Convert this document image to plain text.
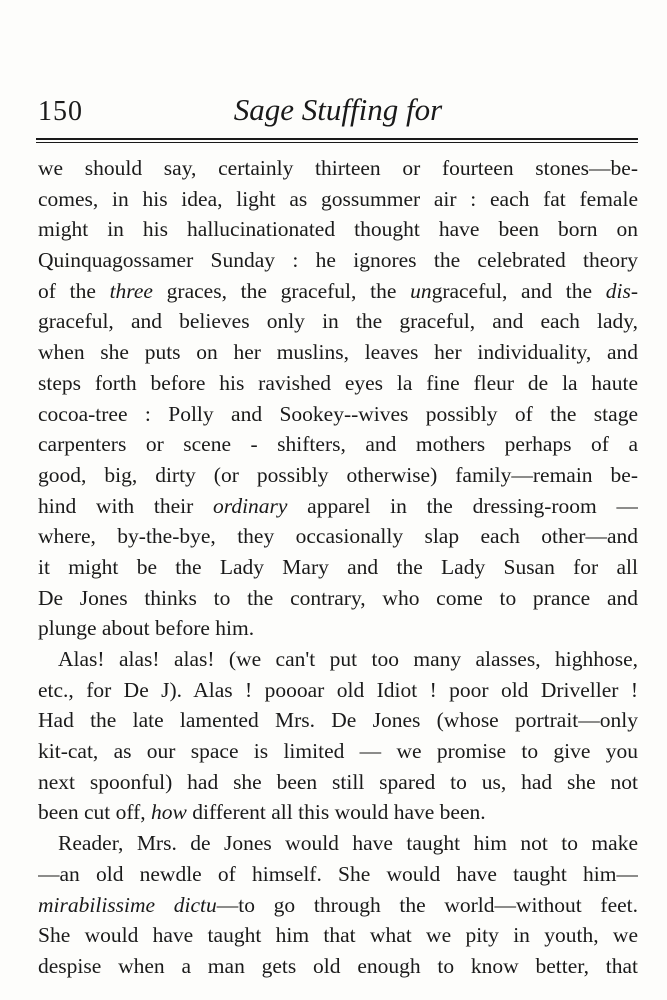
150	Sage Stuffing for
we should say, certainly thirteen or fourteen stones—be-
comes, in his idea, light as gossummer air : each fat female
might in his hallucinationated thought have been born on
Quinquagossamer Sunday : he ignores the celebrated theory
of the three graces, the graceful, the ungraceful, and the dis-
graceful, and believes only in the graceful, and each lady,
when she puts on her muslins, leaves her individuality, and
steps forth before his ravished eyes la fine fleur de la haute
cocoa-tree : Polly and Sookey--wives possibly of the stage
carpenters or scene - shifters, and mothers perhaps of a
good, big, dirty (or possibly otherwise) family—remain be-
hind with their ordinary apparel in the dressing-room —
where, by-the-bye, they occasionally slap each other—and
it might be the Lady Mary and the Lady Susan for all
De Jones thinks to the contrary, who come to prance and
plunge about before him.
Alas! alas! alas! (we can't put too many alasses, highhose,
etc., for De J). Alas ! poooar old Idiot ! poor old Driveller !
Had the late lamented Mrs. De Jones (whose portrait—only
kit-cat, as our space is limited — we promise to give you
next spoonful) had she been still spared to us, had she not
been cut off, how different all this would have been.
Reader, Mrs. de Jones would have taught him not to make
—an old newdle of himself. She would have taught him—
mirabilissime dictu—to go through the world—without feet.
She would have taught him that what we pity in youth, we
despise when a man gets old enough to know better, that
